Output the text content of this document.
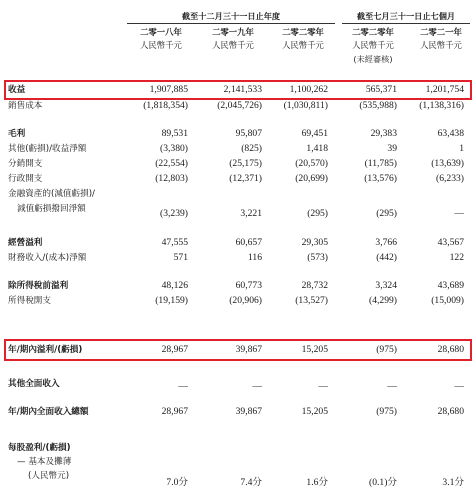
截至十二月三十一日止年度	截至七月三十一日止七個月
二零一八年	二零一九年	二零二零年	二零二零年	二零二一年
人民幣千元	人民幣千元	人民幣千元	人民幣千元	人民幣千元
(未經審核)
收益	1,907,885	2,141,533	1,100,262	565,371	1,201,754
銷售成本	(1,818,354)	(2,045,726)	(1,030,811)	(535,988)	(1,138,316)
毛利	89,531	95,807	69,451	29,383	63,438
其他(虧損)/收益淨額	(3,380)	(825)	1,418	39	1
分銷開支	(22,554)	(25,175)	(20,570)	(11,785)	(13,639)
行政開支	(12,803)	(12,371)	(20,699)	(13,576)	(6,233)
金融資產的(減值虧損)/
減值虧損撥回淨額	(3,239)	3,221	(295)	(295)	—
經營溢利	47,555	60,657	29,305	3,766	43,567
財務收入/(成本)淨額	571	116	(573)	(442)	122
除所得稅前溢利	48,126	60,773	28,732	3,324	43,689
所得稅開支	(19,159)	(20,906)	(13,527)	(4,299)	(15,009)
年/期內溢利/(虧損)	28,967	39,867	15,205	(975)	28,680
其他全面收入	—	—	—	—	—
年/期內全面收入總額	28,967	39,867	15,205	(975)	28,680
每股盈利/(虧損)
— 基本及攤薄
(人民幣元)
7.0分	7.4分	1.6分	(0.1)分	3.1分
